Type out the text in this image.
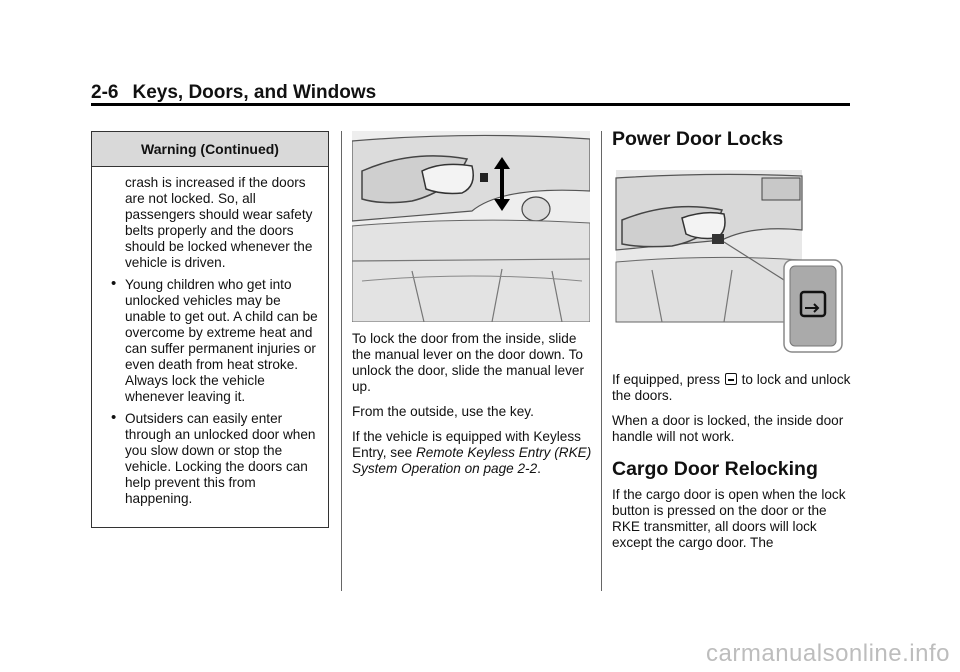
2-6 Keys, Doors, and Windows
Warning (Continued)

crash is increased if the doors are not locked. So, all passengers should wear safety belts properly and the doors should be locked whenever the vehicle is driven.

• Young children who get into unlocked vehicles may be unable to get out. A child can be overcome by extreme heat and can suffer permanent injuries or even death from heat stroke. Always lock the vehicle whenever leaving it.
• Outsiders can easily enter through an unlocked door when you slow down or stop the vehicle. Locking the doors can help prevent this from happening.

To lock the door from the inside, slide the manual lever on the door down. To unlock the door, slide the manual lever up.

From the outside, use the key.

If the vehicle is equipped with Keyless Entry, see Remote Keyless Entry (RKE) System Operation on page 2-2.

Power Door Locks

If equipped, press  to lock and unlock the doors.

When a door is locked, the inside door handle will not work.

Cargo Door Relocking

If the cargo door is open when the lock button is pressed on the door or the RKE transmitter, all doors will lock except the cargo door. The

carmanualsonline.info
